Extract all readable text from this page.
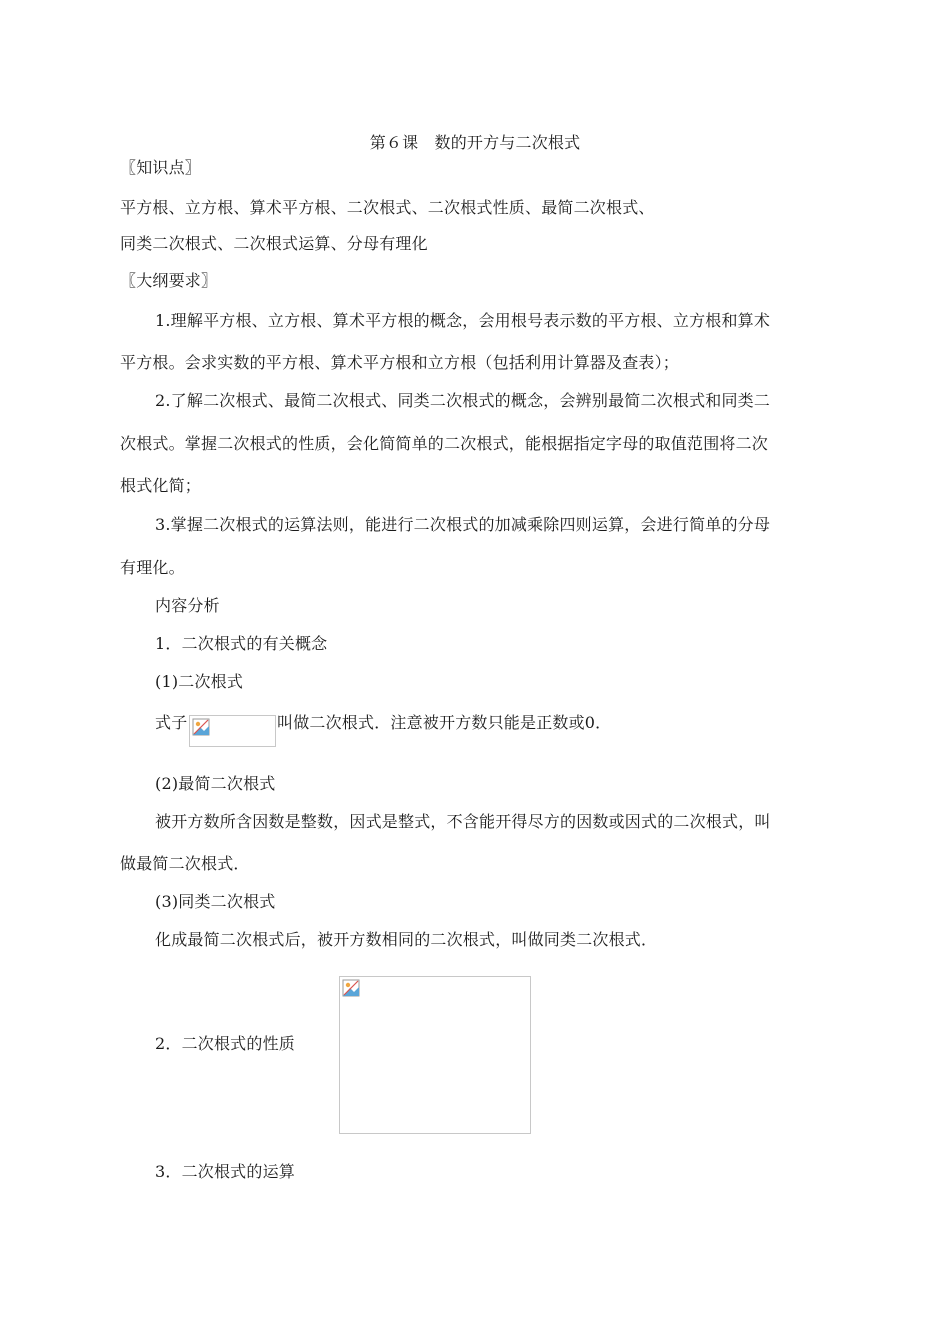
第６课　数的开方与二次根式
〖知识点〗
平方根、立方根、算术平方根、二次根式、二次根式性质、最简二次根式、
同类二次根式、二次根式运算、分母有理化
〖大纲要求〗
1.理解平方根、立方根、算术平方根的概念，会用根号表示数的平方根、立方根和算术
平方根。会求实数的平方根、算术平方根和立方根（包括利用计算器及查表）；
2.了解二次根式、最简二次根式、同类二次根式的概念，会辨别最简二次根式和同类二
次根式。掌握二次根式的性质，会化简简单的二次根式，能根据指定字母的取值范围将二次
根式化简；
3.掌握二次根式的运算法则，能进行二次根式的加减乘除四则运算，会进行简单的分母
有理化。
内容分析
1．二次根式的有关概念
(1)二次根式
式子	叫做二次根式．注意被开方数只能是正数或0．
(2)最简二次根式
被开方数所含因数是整数，因式是整式，不含能开得尽方的因数或因式的二次根式，叫
做最简二次根式．
(3)同类二次根式
化成最简二次根式后，被开方数相同的二次根式，叫做同类二次根式．
2．二次根式的性质
3．二次根式的运算
